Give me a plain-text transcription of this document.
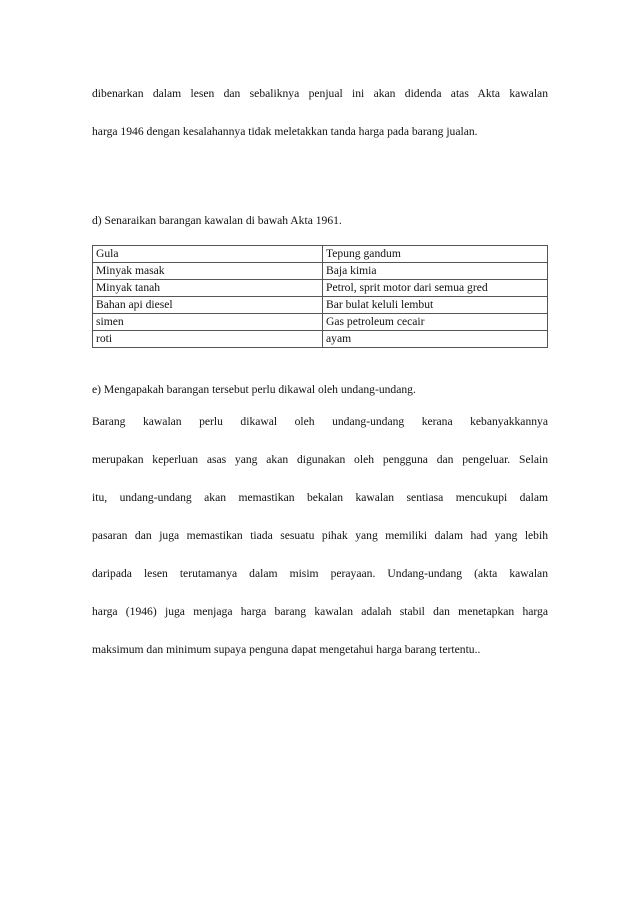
dibenarkan dalam lesen dan sebaliknya penjual ini akan didenda atas Akta kawalan
harga 1946 dengan kesalahannya tidak meletakkan tanda harga pada barang jualan.
d) Senaraikan barangan kawalan di bawah Akta 1961.
Gula	Tepung gandum
Minyak masak	Baja kimia
Minyak tanah	Petrol, sprit motor dari semua gred
Bahan api diesel	Bar bulat keluli lembut
simen	Gas petroleum cecair
roti	ayam
e) Mengapakah barangan tersebut perlu dikawal oleh undang-undang.
Barang kawalan perlu dikawal oleh undang-undang kerana kebanyakkannya
merupakan keperluan asas yang akan digunakan oleh pengguna dan pengeluar. Selain
itu, undang-undang akan memastikan bekalan kawalan sentiasa mencukupi dalam
pasaran dan juga memastikan tiada sesuatu pihak yang memiliki dalam had yang lebih
daripada lesen terutamanya dalam misim perayaan. Undang-undang (akta kawalan
harga (1946) juga menjaga harga barang kawalan adalah stabil dan menetapkan harga
maksimum dan minimum supaya penguna dapat mengetahui harga barang tertentu..
